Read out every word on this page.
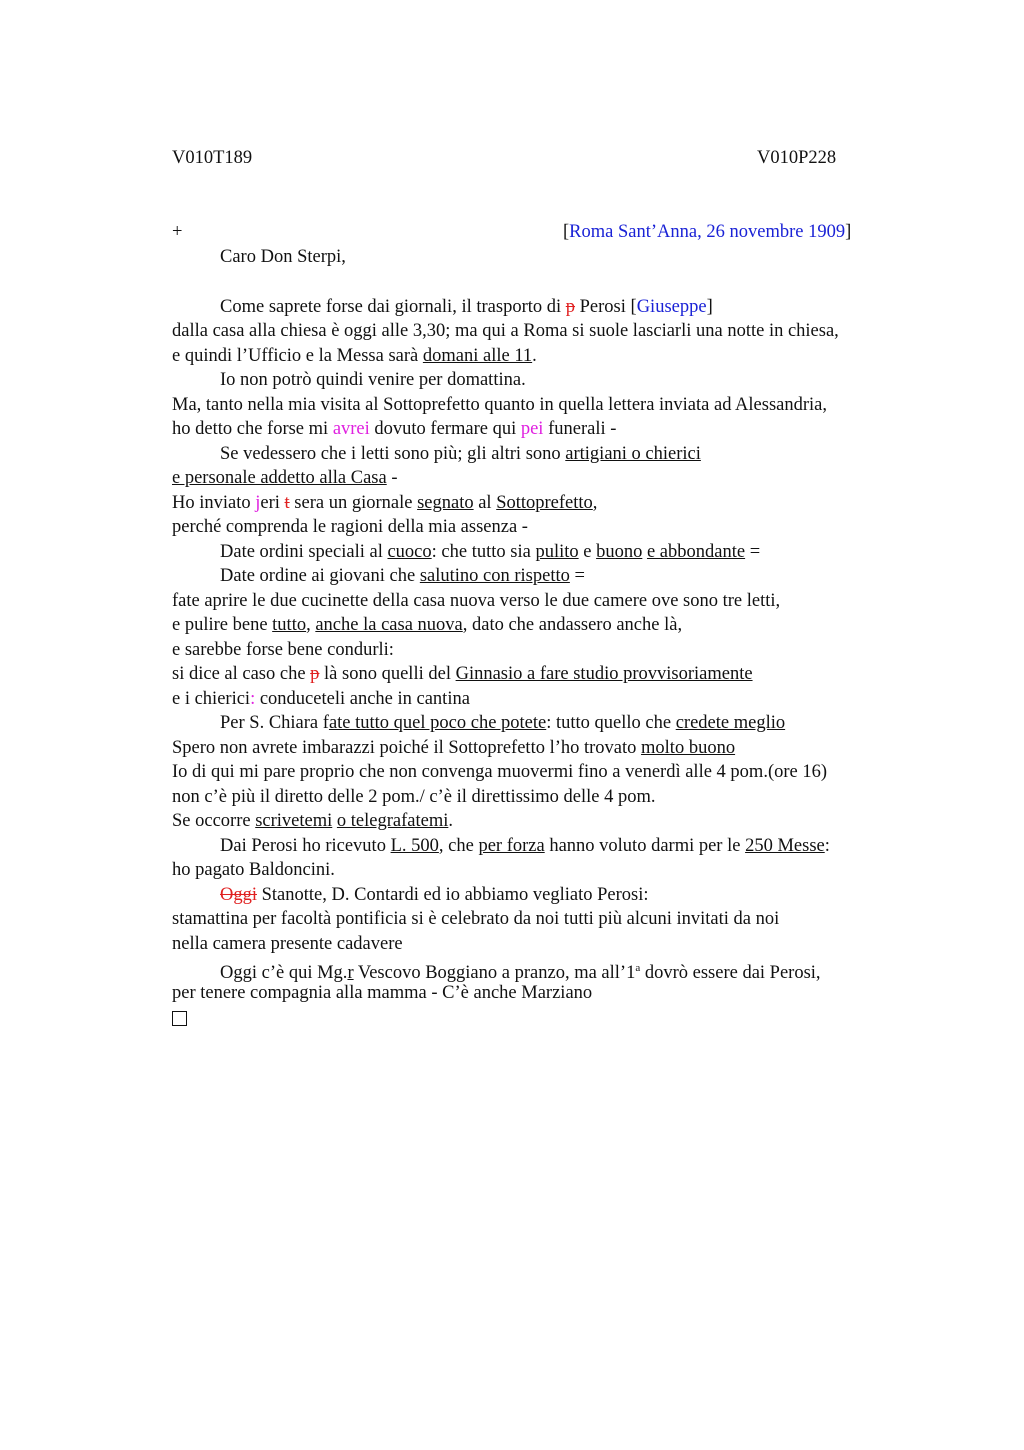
V010T189	V010P228
+	[Roma Sant’Anna, 26 novembre 1909]
Caro Don Sterpi,
Come saprete forse dai giornali, il trasporto di p Perosi [Giuseppe]
dalla casa alla chiesa è oggi alle 3,30; ma qui a Roma si suole lasciarli una notte in chiesa,
e quindi l’Ufficio e la Messa sarà domani alle 11.
Io non potrò quindi venire per domattina.
Ma, tanto nella mia visita al Sottoprefetto quanto in quella lettera inviata ad Alessandria,
ho detto che forse mi avrei dovuto fermare qui pei funerali -
Se vedessero che i letti sono più; gli altri sono artigiani o chierici
e personale addetto alla Casa -
Ho inviato jeri t sera un giornale segnato al Sottoprefetto,
perché comprenda le ragioni della mia assenza -
Date ordini speciali al cuoco: che tutto sia pulito e buono e abbondante =
Date ordine ai giovani che salutino con rispetto =
fate aprire le due cucinette della casa nuova verso le due camere ove sono tre letti,
e pulire bene tutto, anche la casa nuova, dato che andassero anche là,
e sarebbe forse bene condurli:
si dice al caso che p là sono quelli del Ginnasio a fare studio provvisoriamente
e i chierici: conduceteli anche in cantina
Per S. Chiara fate tutto quel poco che potete: tutto quello che credete meglio
Spero non avrete imbarazzi poiché il Sottoprefetto l’ho trovato molto buono
Io di qui mi pare proprio che non convenga muovermi fino a venerdì alle 4 pom.(ore 16)
non c’è più il diretto delle 2 pom./ c’è il direttissimo delle 4 pom.
Se occorre scrivetemi o telegrafatemi.
Dai Perosi ho ricevuto L. 500, che per forza hanno voluto darmi per le 250 Messe:
ho pagato Baldoncini.
Oggi Stanotte, D. Contardi ed io abbiamo vegliato Perosi:
stamattina per facoltà pontificia si è celebrato da noi tutti più alcuni invitati da noi
nella camera presente cadavere
Oggi c’è qui Mg.r Vescovo Boggiano a pranzo, ma all’1$^a$ dovrò essere dai Perosi,
per tenere compagnia alla mamma - C’è anche Marziano
